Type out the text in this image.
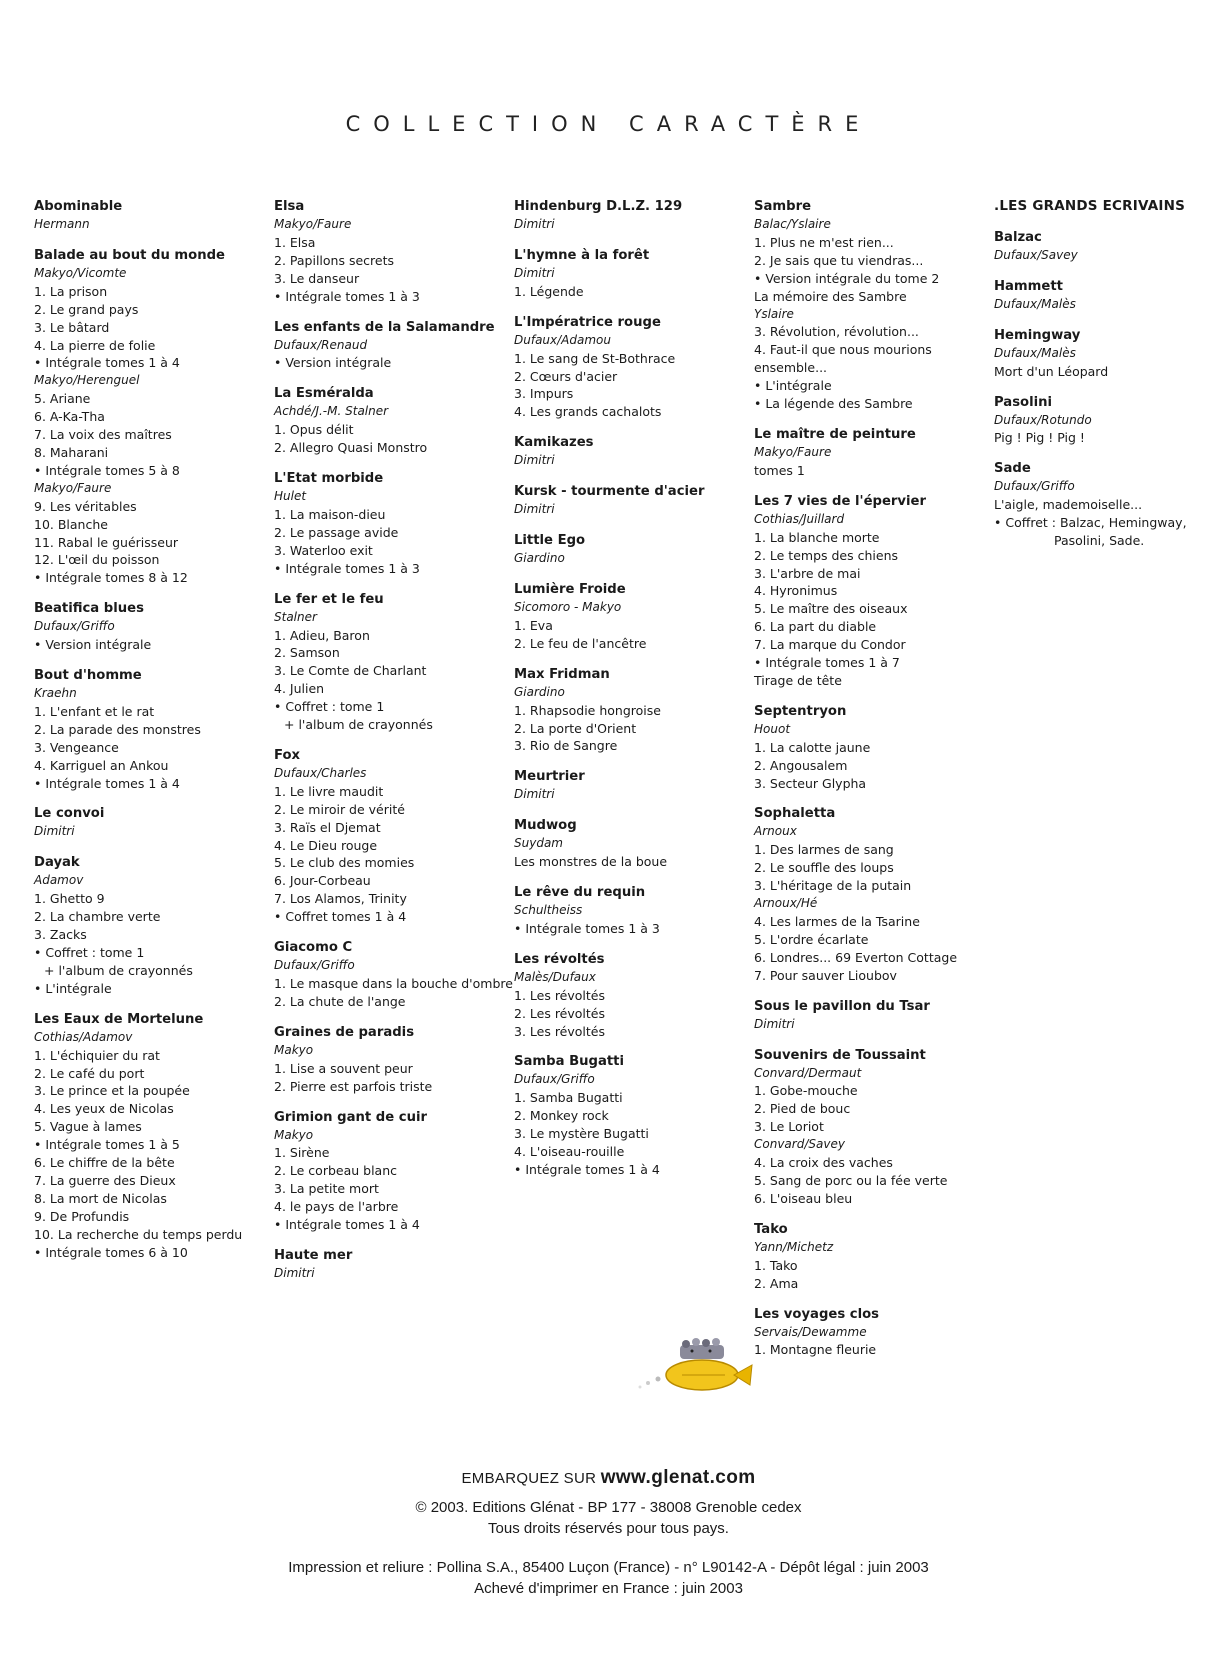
COLLECTION CARACTÈRE
Abominable
Hermann
Balade au bout du monde
Makyo/Vicomte
1. La prison
2. Le grand pays
3. Le bâtard
4. La pierre de folie
• Intégrale tomes 1 à 4
Makyo/Herenguel
5. Ariane
6. A-Ka-Tha
7. La voix des maîtres
8. Maharani
• Intégrale tomes 5 à 8
Makyo/Faure
9. Les véritables
10. Blanche
11. Rabal le guérisseur
12. L'œil du poisson
• Intégrale tomes 8 à 12
Beatifica blues
Dufaux/Griffo
• Version intégrale
Bout d'homme
Kraehn
1. L'enfant et le rat
2. La parade des monstres
3. Vengeance
4. Karriguel an Ankou
• Intégrale tomes 1 à 4
Le convoi
Dimitri
Dayak
Adamov
1. Ghetto 9
2. La chambre verte
3. Zacks
• Coffret : tome 1
+ l'album de crayonnés
• L'intégrale
Les Eaux de Mortelune
Cothias/Adamov
1. L'échiquier du rat
2. Le café du port
3. Le prince et la poupée
4. Les yeux de Nicolas
5. Vague à lames
• Intégrale tomes 1 à 5
6. Le chiffre de la bête
7. La guerre des Dieux
8. La mort de Nicolas
9. De Profundis
10. La recherche du temps perdu
• Intégrale tomes 6 à 10
Elsa
Makyo/Faure
1. Elsa
2. Papillons secrets
3. Le danseur
• Intégrale tomes 1 à 3
Les enfants de la Salamandre
Dufaux/Renaud
• Version intégrale
La Esméralda
Achdé/J.-M. Stalner
1. Opus délit
2. Allegro Quasi Monstro
L'Etat morbide
Hulet
1. La maison-dieu
2. Le passage avide
3. Waterloo exit
• Intégrale tomes 1 à 3
Le fer et le feu
Stalner
1. Adieu, Baron
2. Samson
3. Le Comte de Charlant
4. Julien
• Coffret : tome 1
+ l'album de crayonnés
Fox
Dufaux/Charles
1. Le livre maudit
2. Le miroir de vérité
3. Raïs el Djemat
4. Le Dieu rouge
5. Le club des momies
6. Jour-Corbeau
7. Los Alamos, Trinity
• Coffret tomes 1 à 4
Giacomo C
Dufaux/Griffo
1. Le masque dans la bouche d'ombre
2. La chute de l'ange
Graines de paradis
Makyo
1. Lise a souvent peur
2. Pierre est parfois triste
Grimion gant de cuir
Makyo
1. Sirène
2. Le corbeau blanc
3. La petite mort
4. le pays de l'arbre
• Intégrale tomes 1 à 4
Haute mer
Dimitri
Hindenburg D.L.Z. 129
Dimitri
L'hymne à la forêt
Dimitri
1. Légende
L'Impératrice rouge
Dufaux/Adamou
1. Le sang de St-Bothrace
2. Cœurs d'acier
3. Impurs
4. Les grands cachalots
Kamikazes
Dimitri
Kursk - tourmente d'acier
Dimitri
Little Ego
Giardino
Lumière Froide
Sicomoro - Makyo
1. Eva
2. Le feu de l'ancêtre
Max Fridman
Giardino
1. Rhapsodie hongroise
2. La porte d'Orient
3. Rio de Sangre
Meurtrier
Dimitri
Mudwog
Suydam
Les monstres de la boue
Le rêve du requin
Schultheiss
• Intégrale tomes 1 à 3
Les révoltés
Malès/Dufaux
1. Les révoltés
2. Les révoltés
3. Les révoltés
Samba Bugatti
Dufaux/Griffo
1. Samba Bugatti
2. Monkey rock
3. Le mystère Bugatti
4. L'oiseau-rouille
• Intégrale tomes 1 à 4
Sambre
Balac/Yslaire
1. Plus ne m'est rien...
2. Je sais que tu viendras...
• Version intégrale du tome 2
La mémoire des Sambre
Yslaire
3. Révolution, révolution...
4. Faut-il que nous mourions
ensemble...
• L'intégrale
• La légende des Sambre
Le maître de peinture
Makyo/Faure
tomes 1
Les 7 vies de l'épervier
Cothias/Juillard
1. La blanche morte
2. Le temps des chiens
3. L'arbre de mai
4. Hyronimus
5. Le maître des oiseaux
6. La part du diable
7. La marque du Condor
• Intégrale tomes 1 à 7
Tirage de tête
Septentryon
Houot
1. La calotte jaune
2. Angousalem
3. Secteur Glypha
Sophaletta
Arnoux
1. Des larmes de sang
2. Le souffle des loups
3. L'héritage de la putain
Arnoux/Hé
4. Les larmes de la Tsarine
5. L'ordre écarlate
6. Londres... 69 Everton Cottage
7. Pour sauver Lioubov
Sous le pavillon du Tsar
Dimitri
Souvenirs de Toussaint
Convard/Dermaut
1. Gobe-mouche
2. Pied de bouc
3. Le Loriot
Convard/Savey
4. La croix des vaches
5. Sang de porc ou la fée verte
6. L'oiseau bleu
Tako
Yann/Michetz
1. Tako
2. Ama
Les voyages clos
Servais/Dewamme
1. Montagne fleurie
.LES GRANDS ECRIVAINS
Balzac
Dufaux/Savey
Hammett
Dufaux/Malès
Hemingway
Dufaux/Malès
Mort d'un Léopard
Pasolini
Dufaux/Rotundo
Pig ! Pig ! Pig !
Sade
Dufaux/Griffo
L'aigle, mademoiselle...
• Coffret : Balzac, Hemingway,
Pasolini, Sade.
EMBARQUEZ SUR www.glenat.com
© 2003. Editions Glénat - BP 177 - 38008 Grenoble cedex
Tous droits réservés pour tous pays.
Impression et reliure : Pollina S.A., 85400 Luçon (France) - n° L90142-A - Dépôt légal : juin 2003
Achevé d'imprimer en France : juin 2003
